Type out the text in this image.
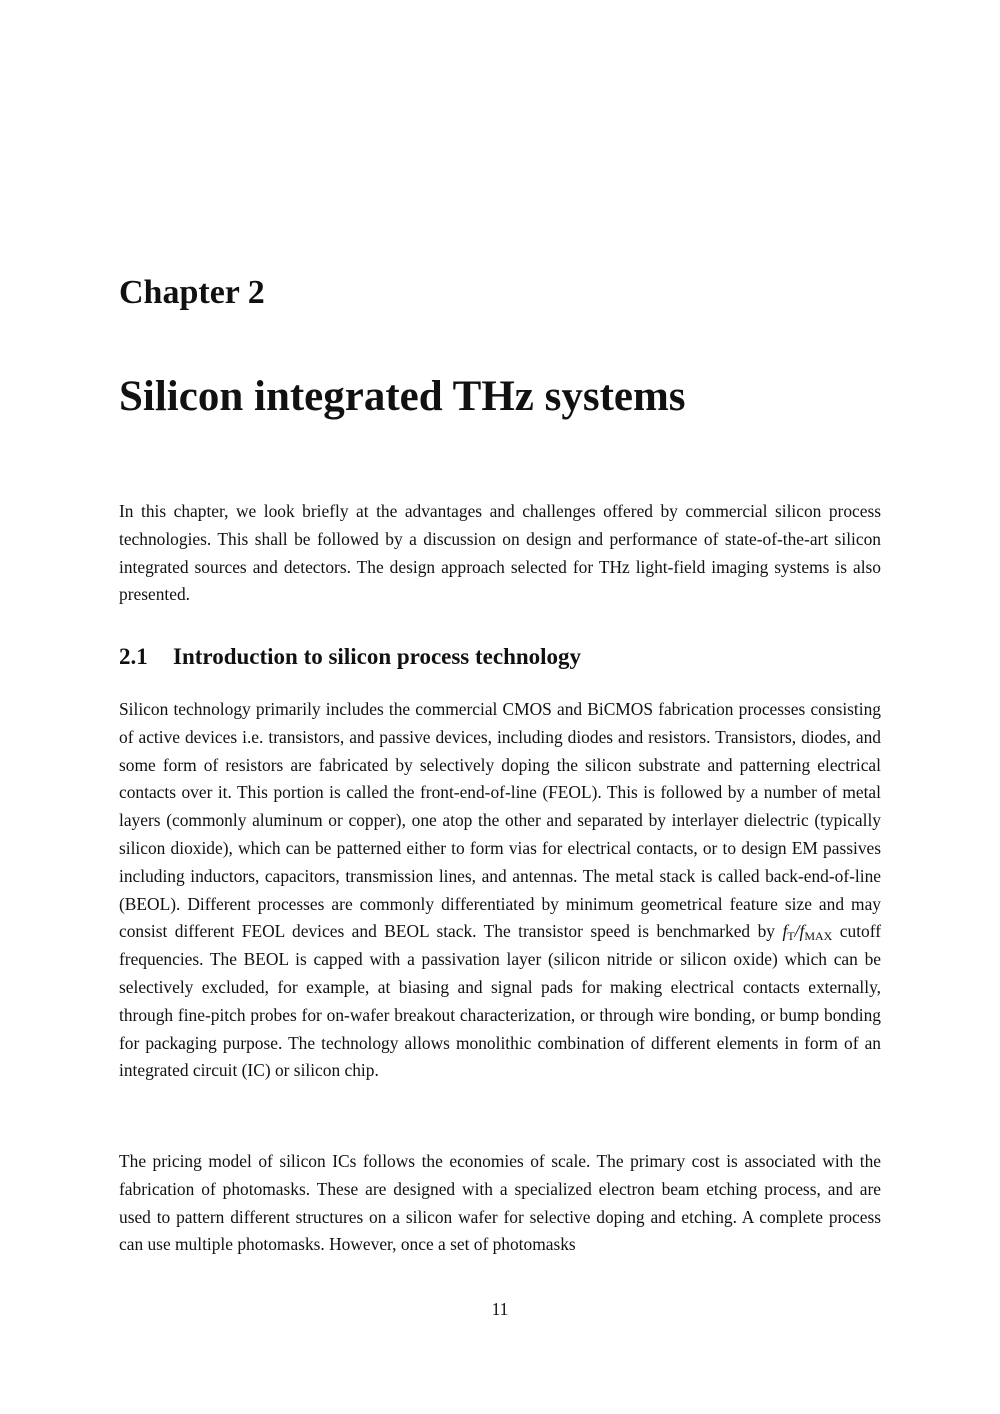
Chapter 2
Silicon integrated THz systems

In this chapter, we look briefly at the advantages and challenges offered by commercial silicon process technologies. This shall be followed by a discussion on design and performance of state-of-the-art silicon integrated sources and detectors. The design approach selected for THz light-field imaging systems is also presented.

2.1 Introduction to silicon process technology

Silicon technology primarily includes the commercial CMOS and BiCMOS fabrication processes consisting of active devices i.e. transistors, and passive devices, including diodes and resistors. Transistors, diodes, and some form of resistors are fabricated by selectively doping the silicon substrate and patterning electrical contacts over it. This portion is called the front-end-of-line (FEOL). This is followed by a number of metal layers (commonly aluminum or copper), one atop the other and separated by interlayer dielectric (typically silicon dioxide), which can be patterned either to form vias for electrical contacts, or to design EM passives including inductors, capacitors, transmission lines, and antennas. The metal stack is called back-end-of-line (BEOL). Different processes are commonly differentiated by minimum geometrical feature size and may consist different FEOL devices and BEOL stack. The transistor speed is benchmarked by $f_T/f_{MAX}$ cutoff frequencies. The BEOL is capped with a passivation layer (silicon nitride or silicon oxide) which can be selectively excluded, for example, at biasing and signal pads for making electrical contacts externally, through fine-pitch probes for on-wafer breakout characterization, or through wire bonding, or bump bonding for packaging purpose. The technology allows monolithic combination of different elements in form of an integrated circuit (IC) or silicon chip.

The pricing model of silicon ICs follows the economies of scale. The primary cost is associated with the fabrication of photomasks. These are designed with a specialized electron beam etching process, and are used to pattern different structures on a silicon wafer for selective doping and etching. A complete process can use multiple photomasks. However, once a set of photomasks

11
